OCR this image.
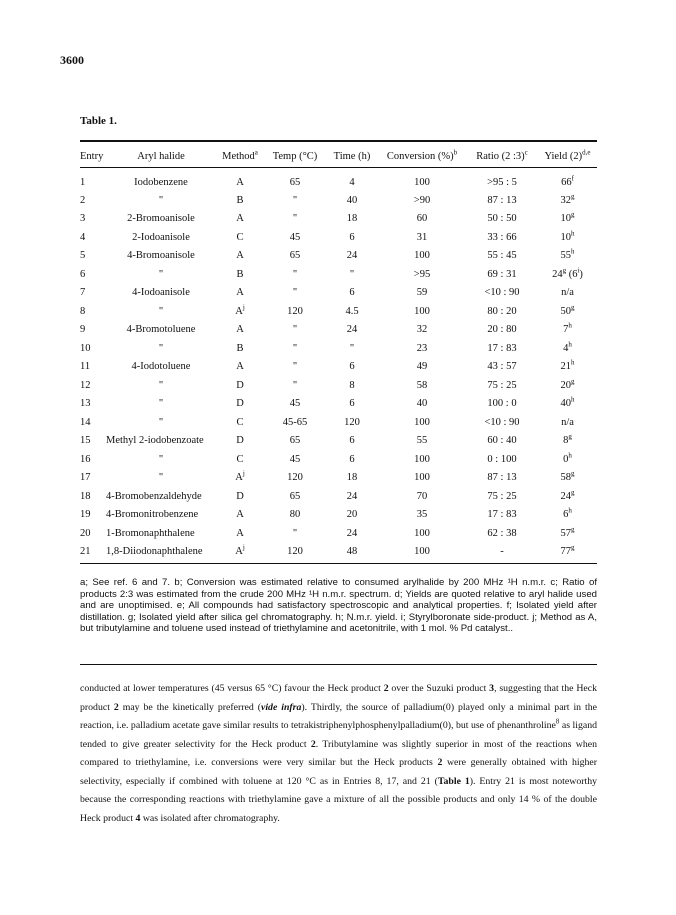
3600
Table 1.
Entry	Aryl halide	Method$^a$	Temp (°C)	Time (h)	Conversion (%)$^b$	Ratio (2 :3)$^c$	Yield $(2)^{d,e}$
1	Iodobenzene	A	65	4	100	>95 : 5	66$^f$
2	"	B	"	40	>90	87 : 13	32$^g$
3	2-Bromoanisole	A	"	18	60	50 : 50	10$^g$
4	2-Iodoanisole	C	45	6	31	33 : 66	10$^h$
5	4-Bromoanisole	A	65	24	100	55 : 45	55$^h$
6	"	B	"	"	>95	69 : 31	24$^g$ (6$^i$)
7	4-Iodoanisole	A	"	6	59	<10 : 90	n/a
8	"	$A^j$	120	4.5	100	80 : 20	50$^g$
9	4-Bromotoluene	A	"	24	32	20 : 80	7$^h$
10	"	B	"	"	23	17 : 83	4$^h$
11	4-Iodotoluene	A	"	6	49	43 : 57	21$^h$
12	"	D	"	8	58	75 : 25	20$^g$
13	"	D	45	6	40	100 : 0	40$^h$
14	"	C	45-65	120	100	<10 : 90	n/a
15	Methyl 2-iodobenzoate	D	65	6	55	60 : 40	8$^g$
16	"	C	45	6	100	0 : 100	0$^h$
17	"	$A^j$	120	18	100	87 : 13	58$^g$
18	4-Bromobenzaldehyde	D	65	24	70	75 : 25	24$^g$
19	4-Bromonitrobenzene	A	80	20	35	17 : 83	6$^h$
20	1-Bromonaphthalene	A	"	24	100	62 : 38	57$^g$
21	1,8-Diiodonaphthalene	$A^j$	120	48	100	-	77$^g$
a; See ref. 6 and 7. b; Conversion was estimated relative to consumed arylhalide by 200 MHz ¹H n.m.r. c; Ratio of products 2:3 was estimated from the crude 200 MHz ¹H n.m.r. spectrum. d; Yields are quoted relative to aryl halide used and are unoptimised. e; All compounds had satisfactory spectroscopic and analytical properties. f; Isolated yield after distillation. g; Isolated yield after silica gel chromatography. h; N.m.r. yield. i; Styrylboronate side-product. j; Method as A, but tributylamine and toluene used instead of triethylamine and acetonitrile, with 1 mol. % Pd catalyst..
conducted at lower temperatures (45 versus 65 °C) favour the Heck product 2 over the Suzuki product 3, suggesting that the Heck product 2 may be the kinetically preferred (vide infra). Thirdly, the source of palladium(0) played only a minimal part in the reaction, i.e. palladium acetate gave similar results to tetrakistriphenylphosphenylpalladium(0), but use of phenanthroline$^8$ as ligand tended to give greater selectivity for the Heck product 2. Tributylamine was slightly superior in most of the reactions when compared to triethylamine, i.e. conversions were very similar but the Heck products 2 were generally obtained with higher selectivity, especially if combined with toluene at 120 °C as in Entries 8, 17, and 21 (Table 1). Entry 21 is most noteworthy because the corresponding reactions with triethylamine gave a mixture of all the possible products and only 14 % of the double Heck product 4 was isolated after chromatography.
